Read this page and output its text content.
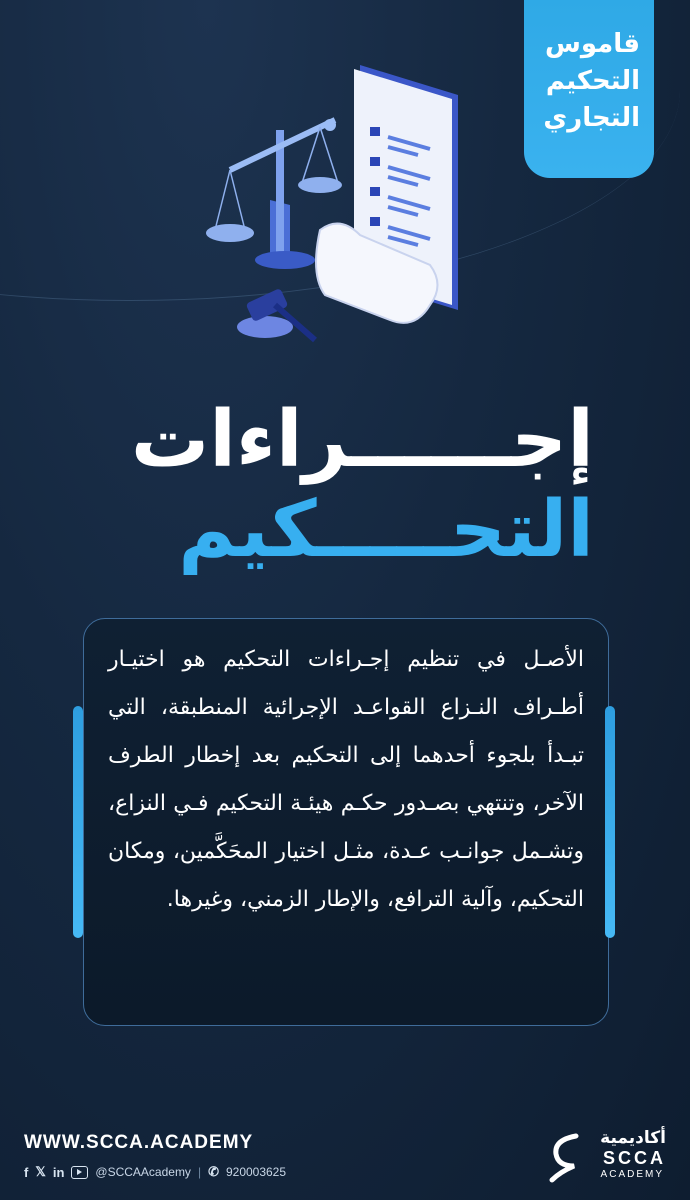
قاموس
التحكيم
التجاري
إجــــــراءات
التحـــــكيم
الأصـل في تنظيم إجـراءات التحكيم هو اختيـار أطـراف النـزاع القواعـد الإجرائية المنطبقة، التي تبـدأ بلجوء أحدهما إلى التحكيم بعد إخطار الطرف الآخر، وتنتهي بصـدور حكـم هيئـة التحكيم فـي النزاع، وتشـمل جوانـب عـدة، مثـل اختيار المحَكَّمين، ومكان التحكيم، وآلية الترافع، والإطار الزمني، وغيرها.
WWW.SCCA.ACADEMY
f 𝕏 in	@SCCAAcademy | ✆ 920003625
أكاديمية
SCCA
ACADEMY
